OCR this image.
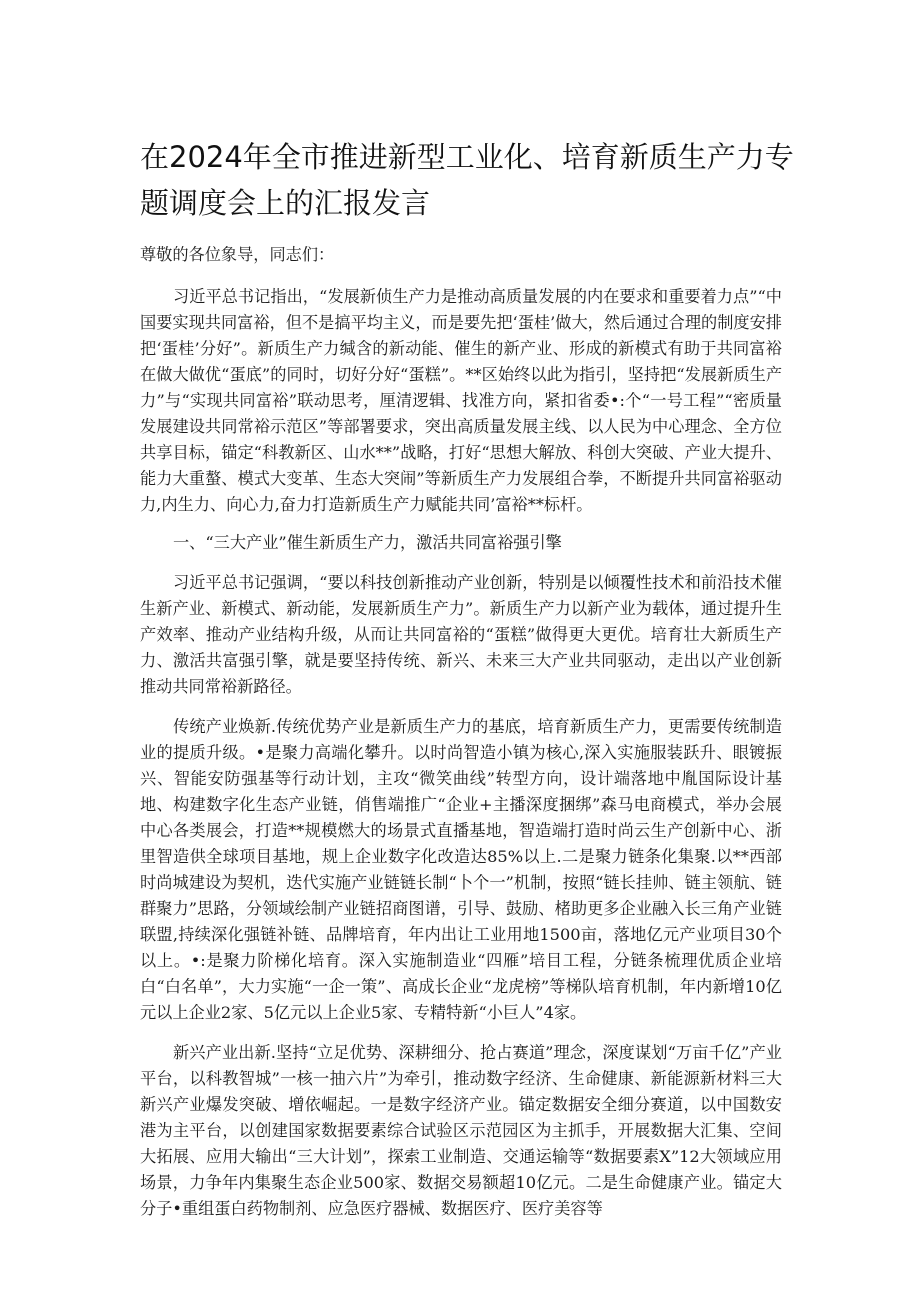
在2024年全市推进新型工业化、培育新质生产力专题调度会上的汇报发言

尊敬的各位象导，同志们：

习近平总书记指出，“发展新侦生产力是推动高质量发展的内在要求和重要着力点”“中国要实现共同富裕，但不是搞平均主义，而是要先把‘蛋桂’做大，然后通过合理的制度安排把‘蛋桂’分好”。新质生产力缄含的新动能、催生的新产业、形成的新模式有助于共同富裕在做大做优“蛋底”的同时，切好分好“蛋糕”。**区始终以此为指引，坚持把“发展新质生产力”与“实现共同富裕”联动思考，厘清逻辑、找准方向，紧扣省委•:个“一号工程”“密质量发展建设共同常裕示范区”等部署要求，突出高质量发展主线、以人民为中心理念、全方位共享目标，锚定“科教新区、山水**”战略，打好“思想大解放、科创大突破、产业大提升、能力大重螯、模式大变革、生态大突闹”等新质生产力发展组合拳，不断提升共同富裕驱动力,内生力、向心力,奋力打造新质生产力赋能共同’富裕**标杆。

一、“三大产业”催生新质生产力，激活共同富裕强引擎

习近平总书记强调，“要以科技创新推动产业创新，特别是以倾覆性技术和前沿技术催生新产业、新模式、新动能，发展新质生产力”。新质生产力以新产业为载体，通过提升生产效率、推动产业结构升级，从而让共同富裕的“蛋糕”做得更大更优。培育壮大新质生产力、激活共富强引擎，就是要坚持传统、新兴、未来三大产业共同驱动，走出以产业创新推动共同常裕新路径。

传统产业焕新.传统优势产业是新质生产力的基底，培育新质生产力，更需要传统制造业的提质升级。•是聚力高端化攀升。以时尚智造小镇为核心,深入实施服装跃升、眼镀振兴、智能安防强基等行动计划，主攻“微笑曲线”转型方向，设计端落地中胤国际设计基地、构建数字化生态产业链，俏售端推广“企业+主播深度捆绑”森马电商模式，举办会展中心各类展会，打造**规模燃大的场景式直播基地，智造端打造时尚云生产创新中心、浙里智造供全球项目基地，规上企业数字化改造达85%以上.二是聚力链条化集聚.以**西部时尚城建设为契机，迭代实施产业链链长制“卜个一”机制，按照“链长挂帅、链主领航、链群聚力”思路，分领域绘制产业链招商图谱，引导、鼓励、楮助更多企业融入长三角产业链联盟,持续深化强链补链、品牌培育，年内出让工业用地1500亩，落地亿元产业项目30个以上。•:是聚力阶梯化培育。深入实施制造业“四雁”培目工程，分链条梳理优质企业培白“白名单”，大力实施“一企一策”、高成长企业“龙虎榜”等梯队培育机制，年内新增10亿元以上企业2家、5亿元以上企业5家、专精特新“小巨人”4家。

新兴产业出新.坚持“立足优势、深耕细分、抢占赛道”理念，深度谋划“万亩千亿”产业平台，以科教智城”一核一抽六片”为牵引，推动数字经济、生命健康、新能源新材料三大新兴产业爆发突破、增依崛起。一是数字经济产业。锚定数据安全细分赛道，以中国数安港为主平台，以创建国家数据要素综合试验区示范园区为主抓手，开展数据大汇集、空间大拓展、应用大输出“三大计划”，探索工业制造、交通运输等“数据要素X”12大领域应用场景，力争年内集聚生态企业500家、数据交易额超10亿元。二是生命健康产业。锚定大分子•重组蛋白药物制剂、应急医疗器械、数据医疗、医疗美容等
